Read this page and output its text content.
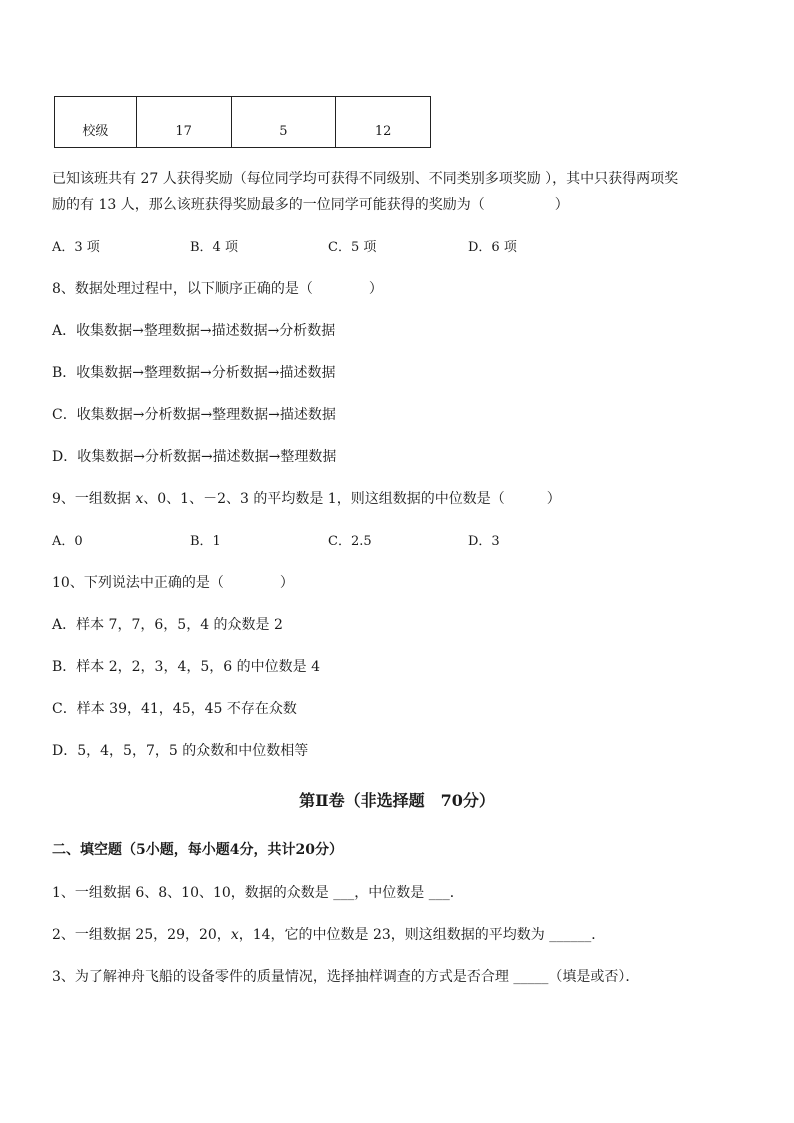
校级	17	5	12
已知该班共有 27 人获得奖励（每位同学均可获得不同级别、不同类别多项奖励 ），其中只获得两项奖
励的有 13 人，那么该班获得奖励最多的一位同学可能获得的奖励为（　　　　　）
A．3 项	B．4 项	C．5 项	D．6 项
8、数据处理过程中，以下顺序正确的是（　　　　）
A．收集数据→整理数据→描述数据→分析数据
B．收集数据→整理数据→分析数据→描述数据
C．收集数据→分析数据→整理数据→描述数据
D．收集数据→分析数据→描述数据→整理数据
9、一组数据 x、0、1、－2、3 的平均数是 1，则这组数据的中位数是（　　　）
A．0	B．1	C．2.5	D．3
10、下列说法中正确的是（　　　　）
A．样本 7，7，6，5，4 的众数是 2
B．样本 2，2，3，4，5，6 的中位数是 4
C．样本 39，41，45，45 不存在众数
D．5，4，5，7，5 的众数和中位数相等
第Ⅱ卷（非选择题　70分）
二、填空题（5小题，每小题4分，共计20分）
1、一组数据 6、8、10、10，数据的众数是 ___，中位数是 ___．
2、一组数据 25，29，20，x，14，它的中位数是 23，则这组数据的平均数为 ______．
3、为了解神舟飞船的设备零件的质量情况，选择抽样调查的方式是否合理 _____（填是或否）．
